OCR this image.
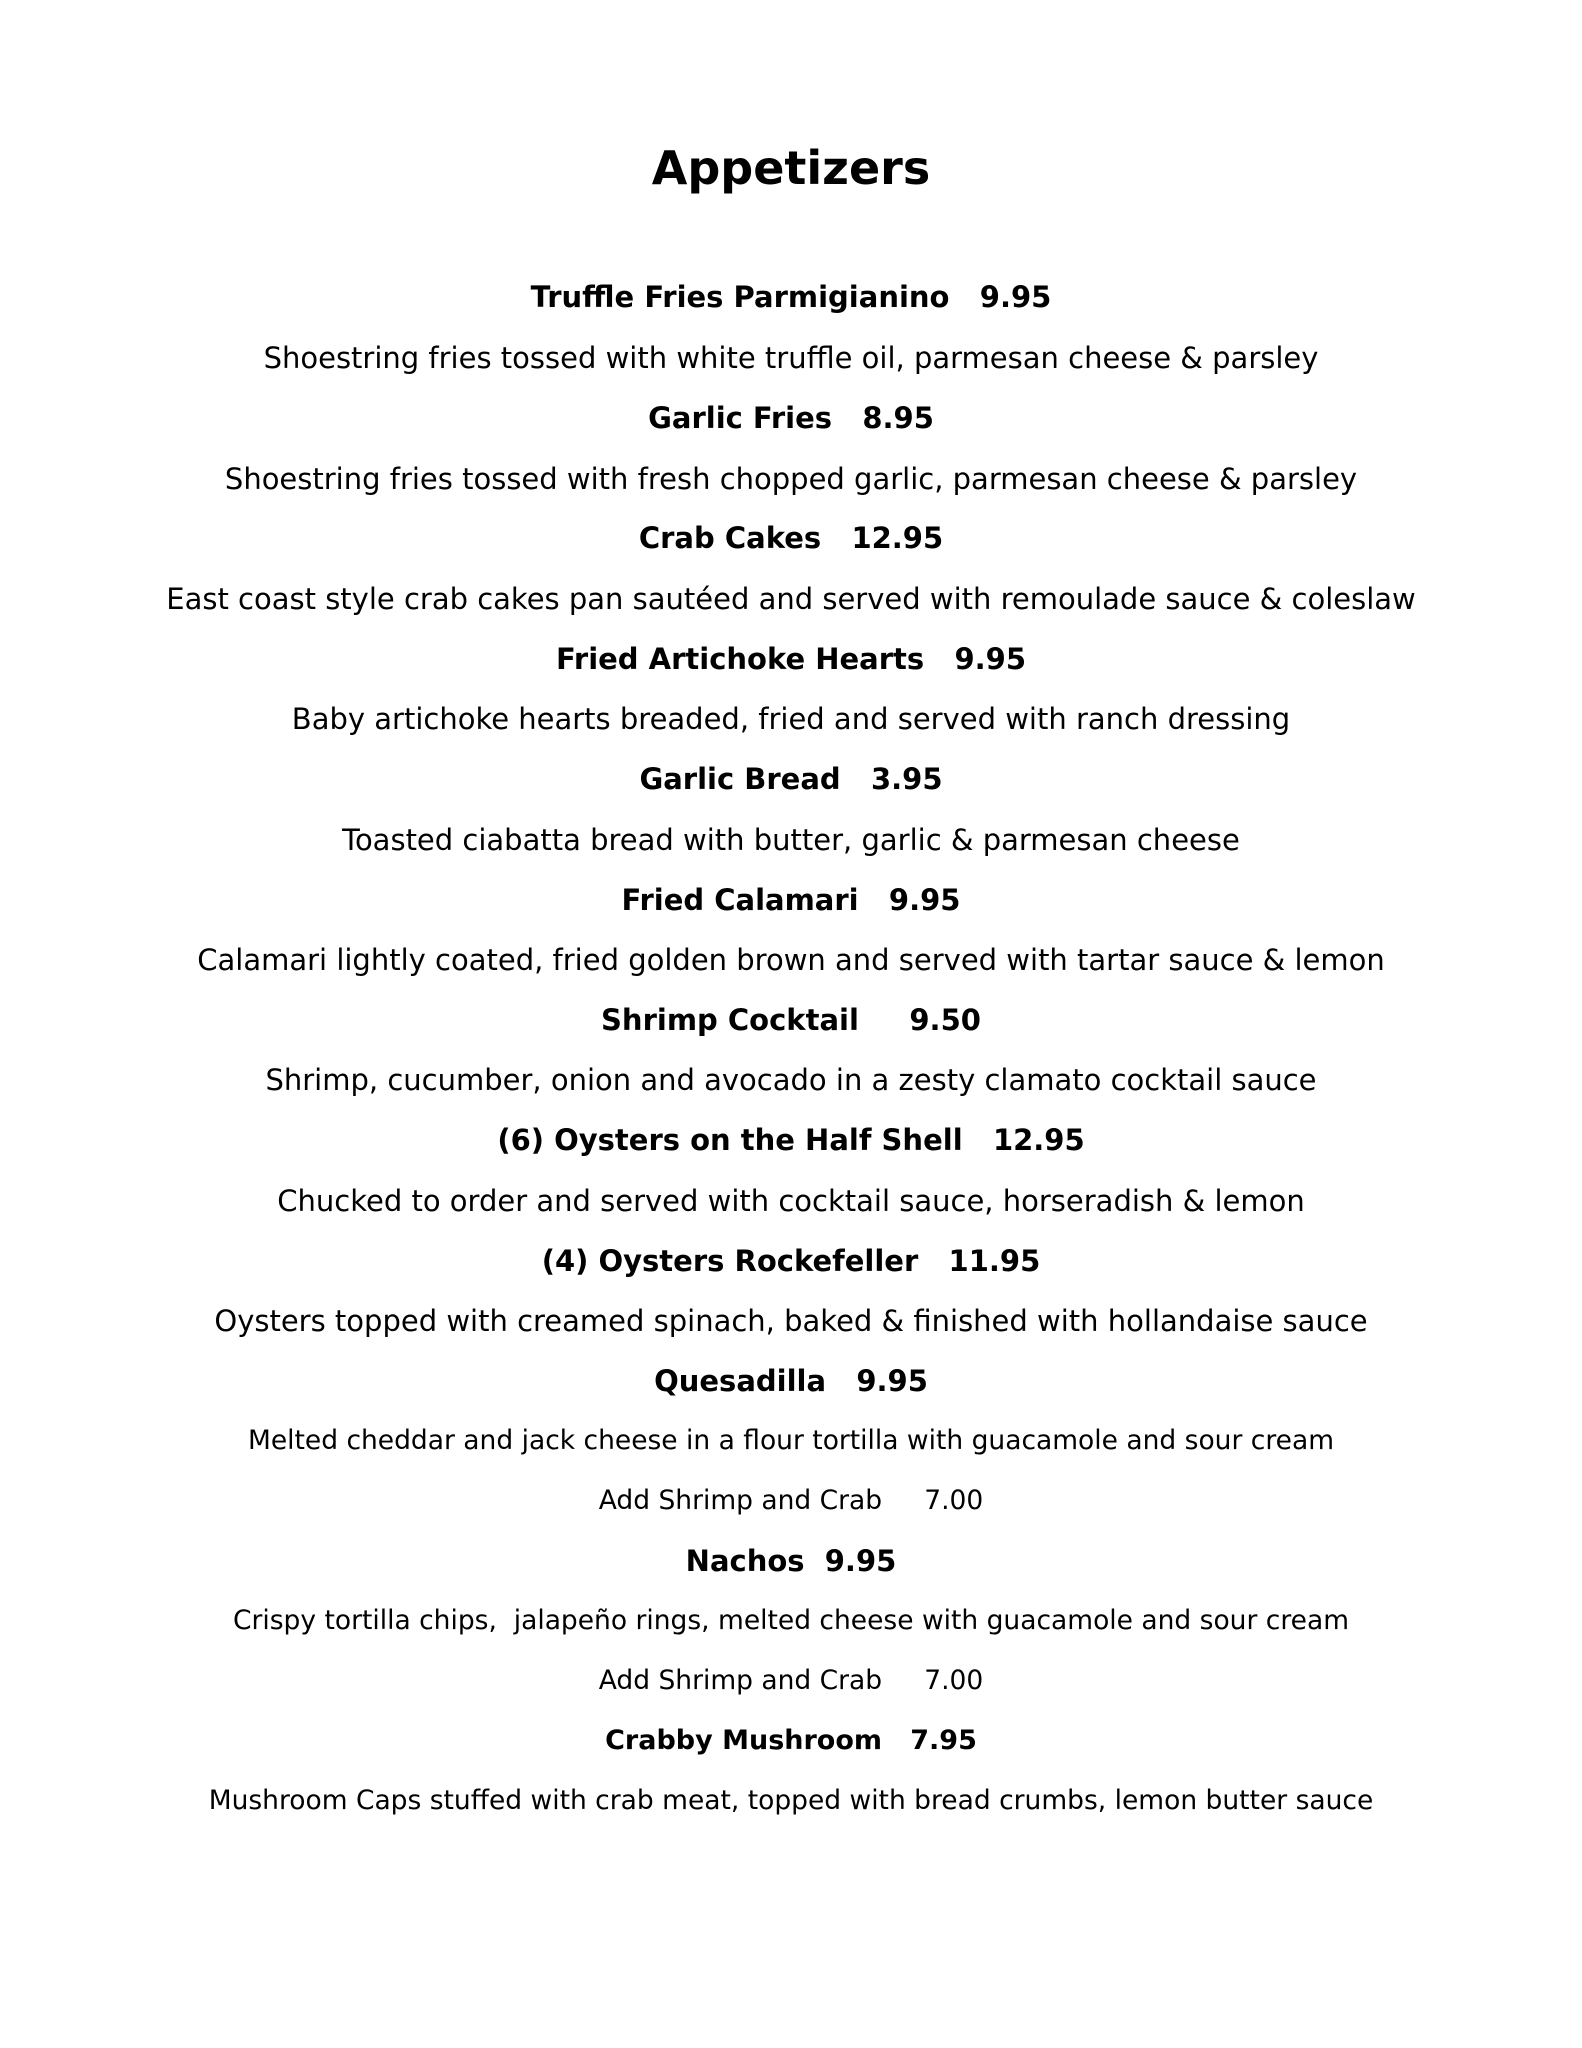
Appetizers
Truffle Fries Parmigianino 9.95
Shoestring fries tossed with white truffle oil, parmesan cheese & parsley
Garlic Fries 8.95
Shoestring fries tossed with fresh chopped garlic, parmesan cheese & parsley
Crab Cakes 12.95
East coast style crab cakes pan sautéed and served with remoulade sauce & coleslaw
Fried Artichoke Hearts 9.95
Baby artichoke hearts breaded, fried and served with ranch dressing
Garlic Bread 3.95
Toasted ciabatta bread with butter, garlic & parmesan cheese
Fried Calamari 9.95
Calamari lightly coated, fried golden brown and served with tartar sauce & lemon
Shrimp Cocktail 9.50
Shrimp, cucumber, onion and avocado in a zesty clamato cocktail sauce
(6) Oysters on the Half Shell 12.95
Chucked to order and served with cocktail sauce, horseradish & lemon
(4) Oysters Rockefeller 11.95
Oysters topped with creamed spinach, baked & finished with hollandaise sauce
Quesadilla 9.95
Melted cheddar and jack cheese in a flour tortilla with guacamole and sour cream
Add Shrimp and Crab 7.00
Nachos 9.95
Crispy tortilla chips,  jalapeño rings, melted cheese with guacamole and sour cream
Add Shrimp and Crab 7.00
Crabby Mushroom 7.95
Mushroom Caps stuffed with crab meat, topped with bread crumbs, lemon butter sauce
